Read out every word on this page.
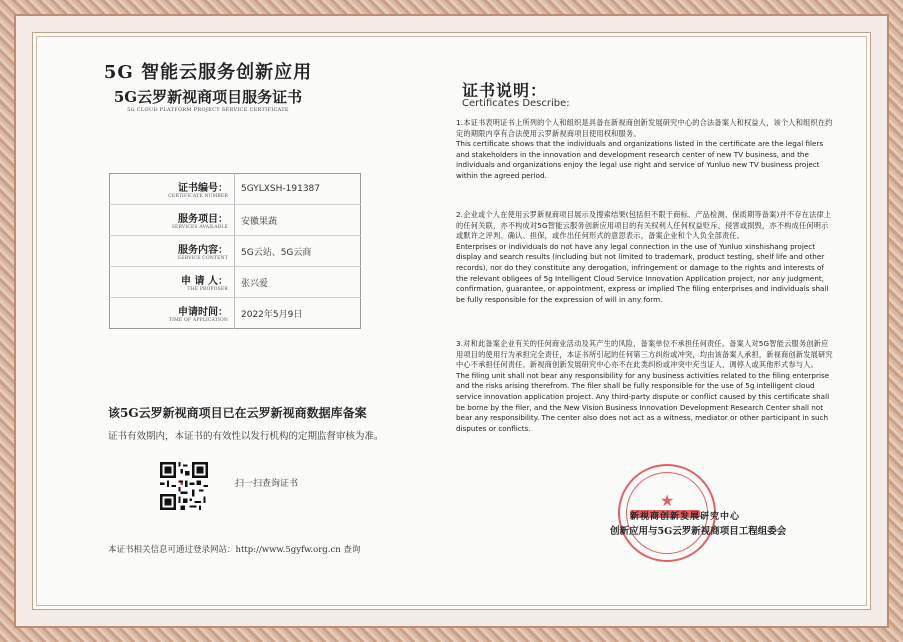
5G 智能云服务创新应用
5G云罗新视商项目服务证书
5G CLOUD PLATFORM PROJECT SERVICE CERTIFICATE
证书编号：
CERTIFICATE NUMBER	5GYLXSH-191387

服务项目：
SERVICES AVAILABLE	安徽果蔬

服务内容：
SERVICE CONTENT	5G云站、5G云商

申 请 人：
THE PROPOSER	张兴爱

申请时间：
TIME OF APPLICATION	2022年5月9日
该5G云罗新视商项目已在云罗新视商数据库备案
证书有效期内，本证书的有效性以发行机构的定期监督审核为准。
扫一扫查询证书
本证书相关信息可通过登录网站：http://www.5gyfw.org.cn 查询
证书说明：
Certificates Describe:
1.本证书表明证书上所列的个人和组织是具备在新视商创新发展研究中心的合法备案人和权益人，该个人和组织在约定的期限内享有合法使用云罗新视商项目使用权和服务。
This certificate shows that the individuals and organizations listed in the certificate are the legal filers and stakeholders in the innovation and development research center of new TV business, and the individuals and organizations enjoy the legal use right and service of Yunluo new TV business project within the agreed period.
2.企业或个人在使用云罗新视商项目展示及搜索结果(包括但不限于商标、产品检测、保质期等备案)并不存在法律上的任何关联，亦不构成对5G智能云服务创新应用项目的有关权利人任何权益贬斥、侵害或损毁，亦不构成任何明示或默许之评判、确认、担保，或作出任何形式的意思表示，备案企业和个人负全部责任。
Enterprises or individuals do not have any legal connection in the use of Yunluo xinshishang project display and search results (including but not limited to trademark, product testing, shelf life and other records), nor do they constitute any derogation, infringement or damage to the rights and interests of the relevant obligees of 5g Intelligent Cloud Service Innovation Application project, nor any judgment, confirmation, guarantee, or appointment, express or implied The filing enterprises and individuals shall be fully responsible for the expression of will in any form.
3.对和此备案企业有关的任何商业活动及其产生的风险，备案单位不承担任何责任。备案人对5G智能云服务创新应用项目的使用行为承担完全责任，本证书所引起的任何第三方纠纷或冲突，均由该备案人承担，新视商创新发展研究中心不承担任何责任。新视商创新发展研究中心亦不在此类纠纷或冲突中充当证人、调停人或其他形式参与人。
The filing unit shall not bear any responsibility for any business activities related to the filing enterprise and the risks arising therefrom. The filer shall be fully responsible for the use of 5g intelligent cloud service innovation application project. Any third-party dispute or conflict caused by this certificate shall be borne by the filer, and the New Vision Business Innovation Development Research Center shall not bear any responsibility. The center also does not act as a witness, mediator or other participant in such disputes or conflicts.
★
新视商创新发展研究中心
创新应用与5G云罗新视商项目工程组委会
